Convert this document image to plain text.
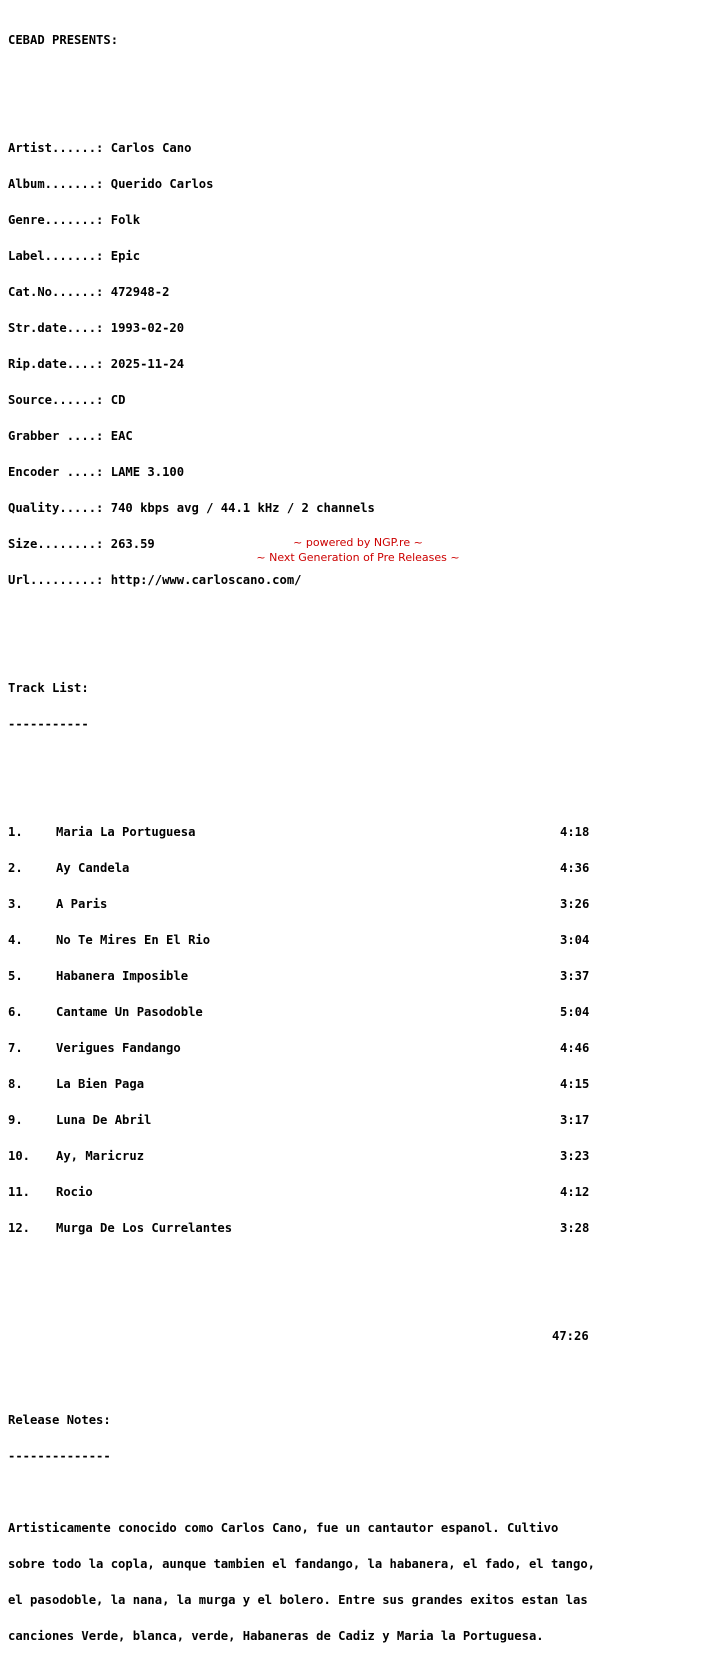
CEBAD PRESENTS:

Artist......: Carlos Cano

Album.......: Querido Carlos

Genre.......: Folk

Label.......: Epic

Cat.No......: 472948-2

Str.date....: 1993-02-20

Rip.date....: 2025-11-24

Source......: CD

Grabber ....: EAC

Encoder ....: LAME 3.100

Quality.....: 740 kbps avg / 44.1 kHz / 2 channels

Size........: 263.59

Url.........: http://www.carloscano.com/

Track List:

-----------

1.	Maria La Portuguesa	4:18

2.	Ay Candela	4:36

3.	A Paris	3:26

4.	No Te Mires En El Rio	3:04

5.	Habanera Imposible	3:37

6.	Cantame Un Pasodoble	5:04

7.	Verigues Fandango	4:46

8.	La Bien Paga	4:15

9.	Luna De Abril	3:17

10. Ay, Maricruz	3:23

11. Rocio	4:12

12. Murga De Los Currelantes	3:28

47:26

Release Notes:

--------------

Artisticamente conocido como Carlos Cano, fue un cantautor espanol. Cultivo

sobre todo la copla, aunque tambien el fandango, la habanera, el fado, el tango,

el pasodoble, la nana, la murga y el bolero. Entre sus grandes exitos estan las

canciones Verde, blanca, verde, Habaneras de Cadiz y Maria la Portuguesa.

~ powered by NGP.re ~
~ Next Generation of Pre Releases ~
